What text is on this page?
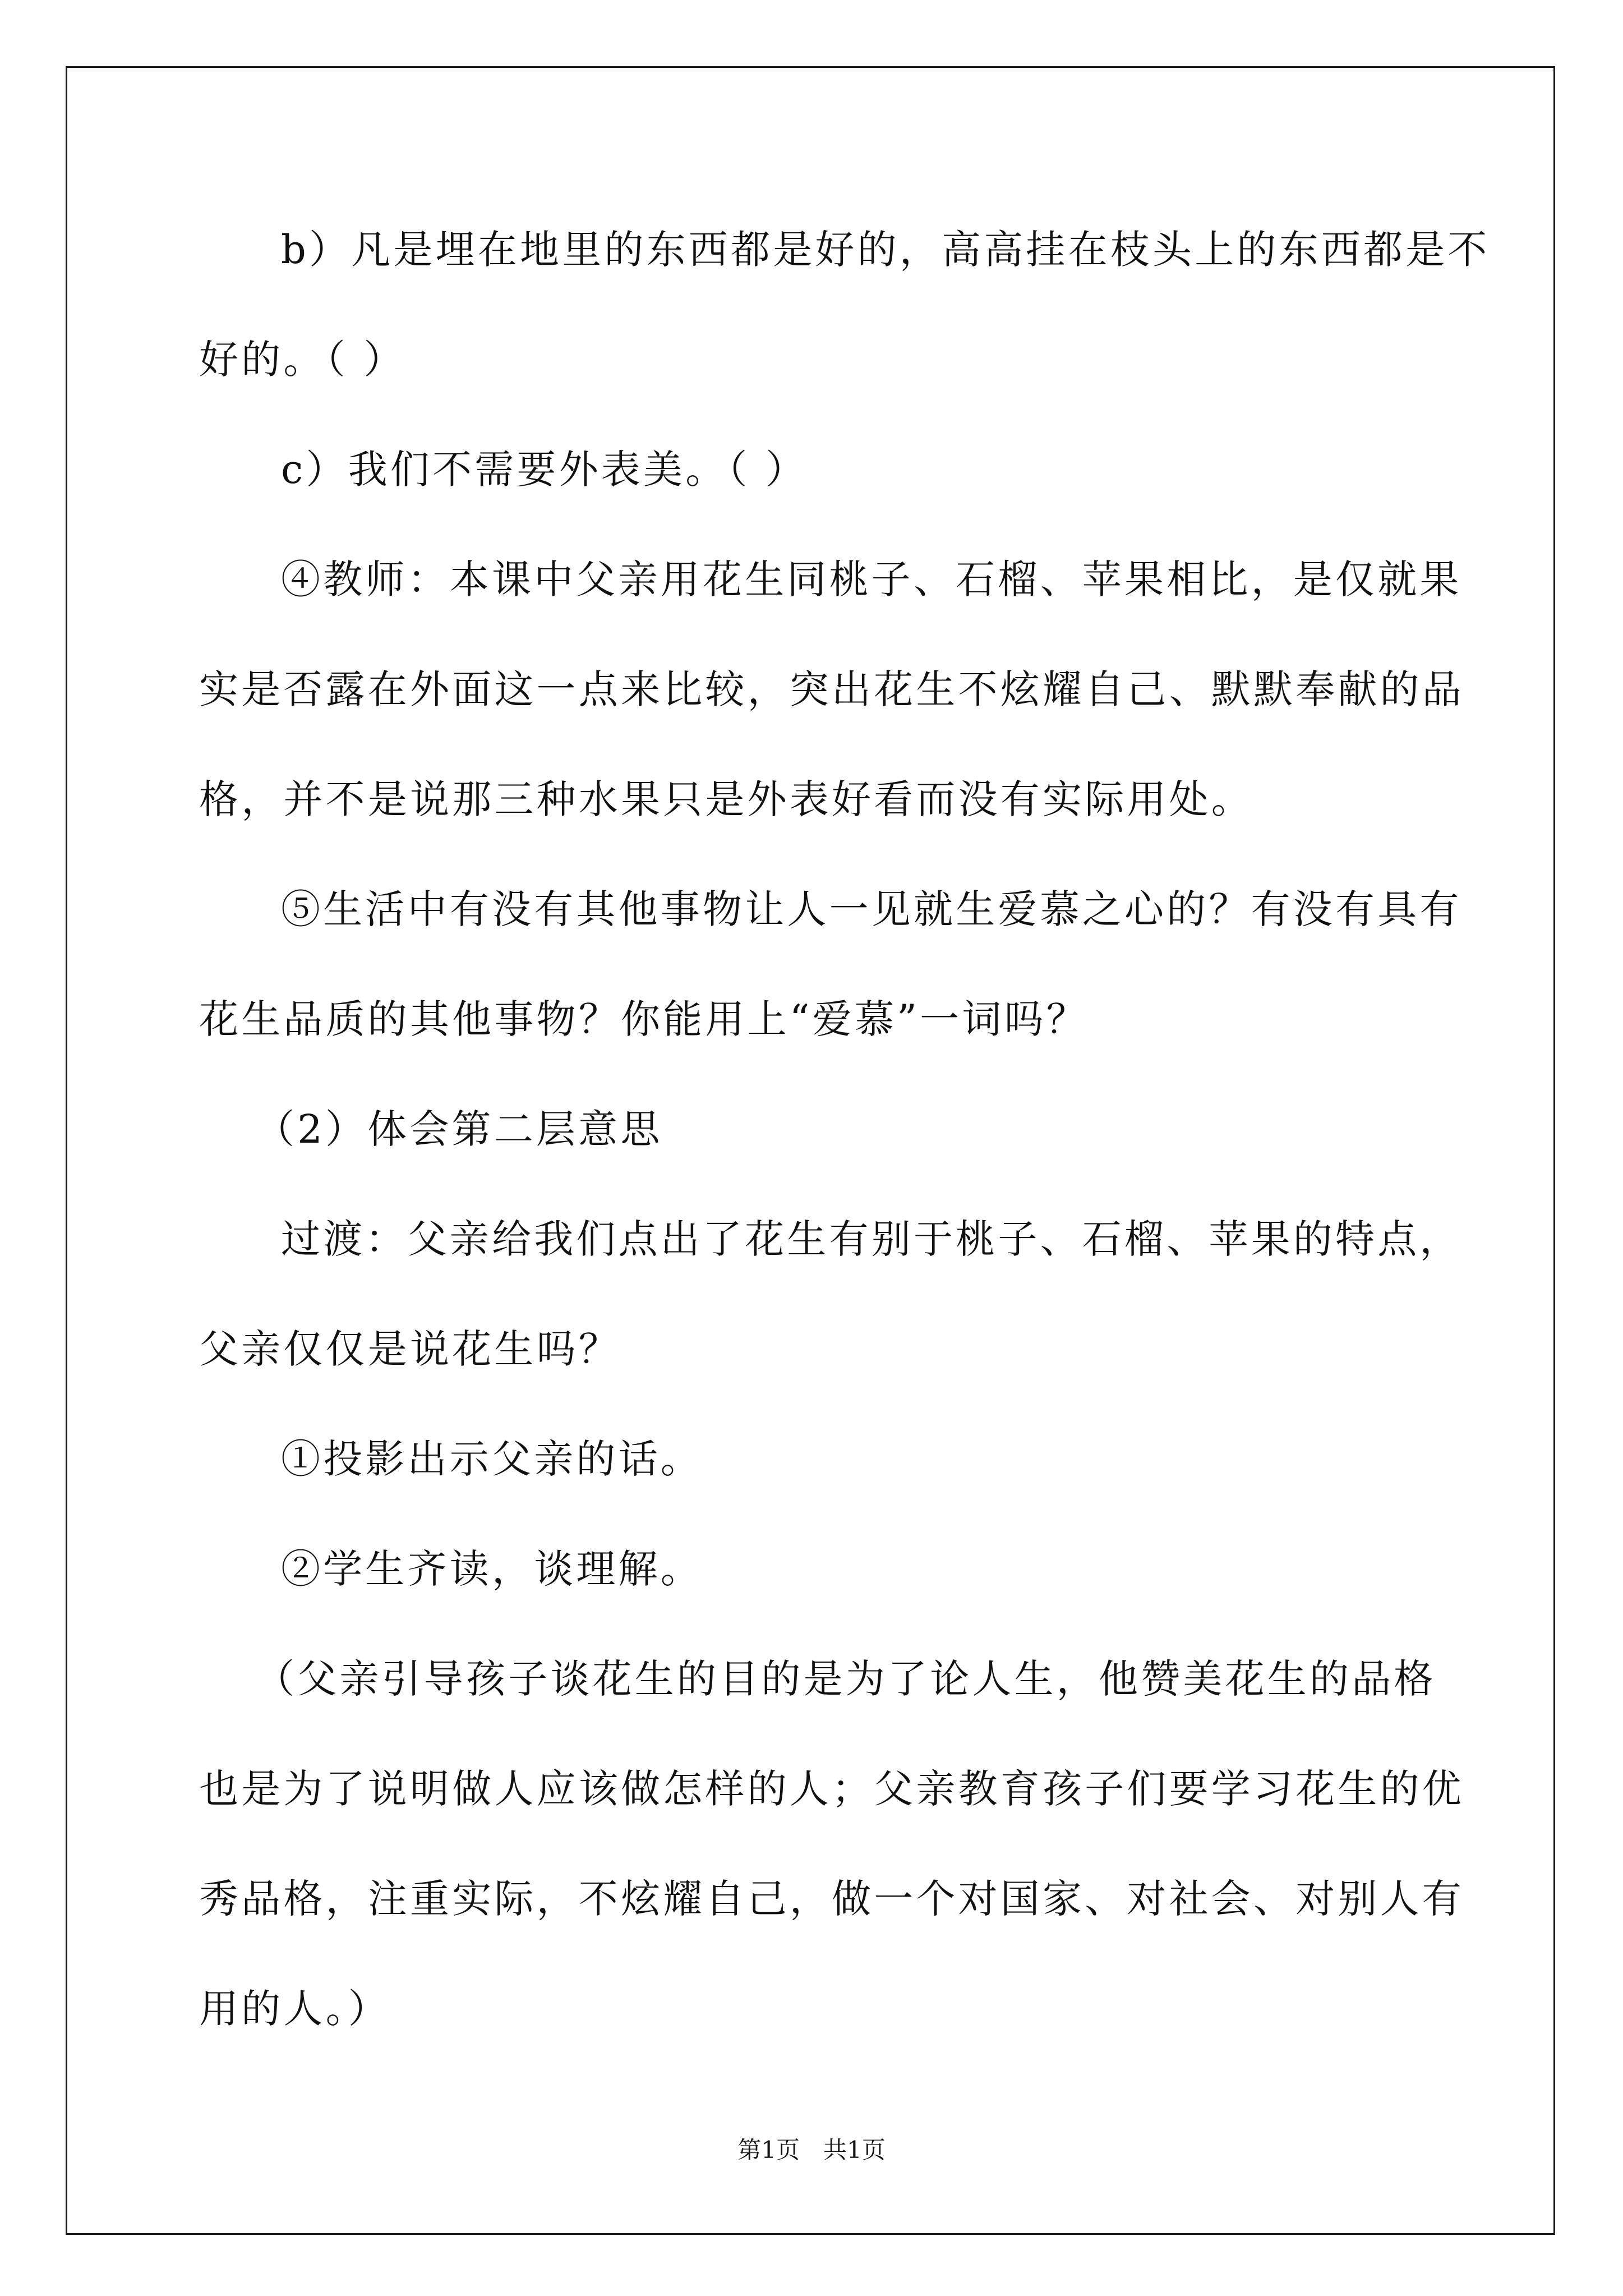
b）凡是埋在地里的东西都是好的，高高挂在枝头上的东西都是不
好的。（ ）
c）我们不需要外表美。（ ）
④教师：本课中父亲用花生同桃子、石榴、苹果相比，是仅就果
实是否露在外面这一点来比较，突出花生不炫耀自己、默默奉献的品
格，并不是说那三种水果只是外表好看而没有实际用处。
⑤生活中有没有其他事物让人一见就生爱慕之心的？有没有具有
花生品质的其他事物？你能用上“爱慕”一词吗？
（2）体会第二层意思
过渡：父亲给我们点出了花生有别于桃子、石榴、苹果的特点，
父亲仅仅是说花生吗？
①投影出示父亲的话。
②学生齐读，谈理解。
（父亲引导孩子谈花生的目的是为了论人生，他赞美花生的品格
也是为了说明做人应该做怎样的人；父亲教育孩子们要学习花生的优
秀品格，注重实际，不炫耀自己，做一个对国家、对社会、对别人有
用的人。）
第1页　共1页
